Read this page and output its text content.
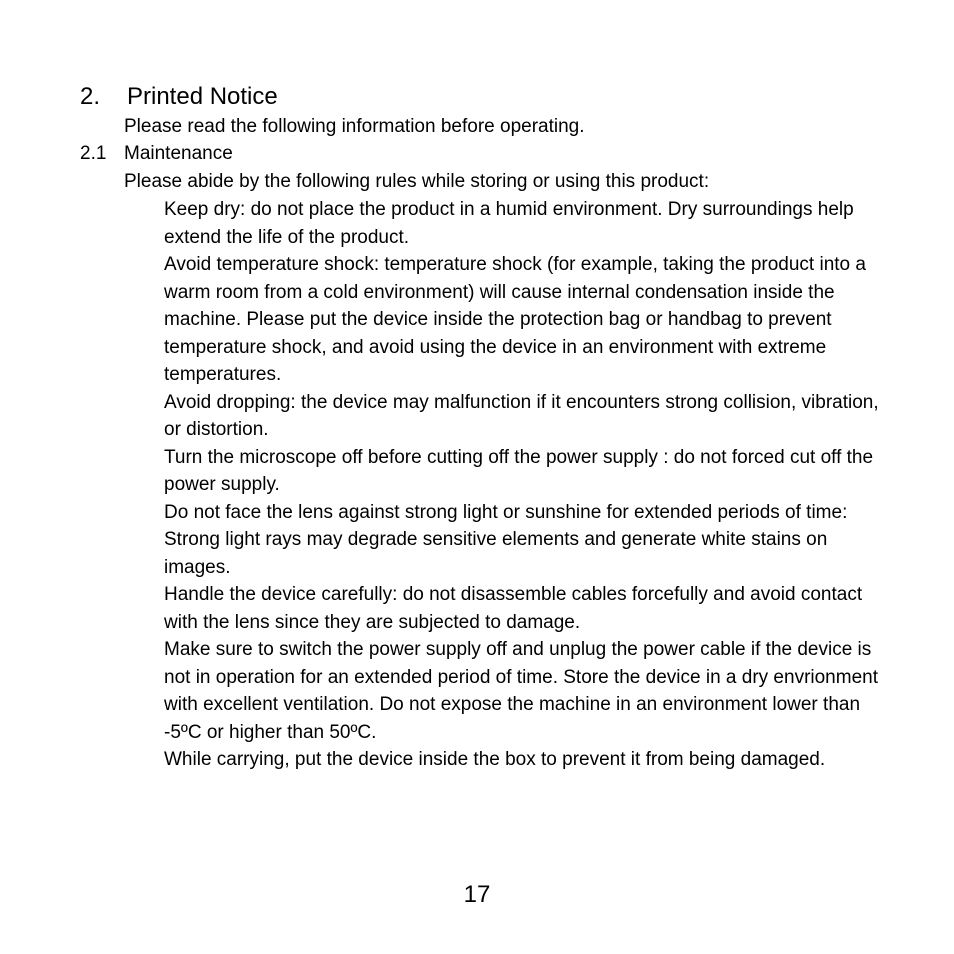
2. Printed Notice
Please read the following information before operating.
2.1 Maintenance
Please abide by the following rules while storing or using this product:

Keep dry: do not place the product in a humid environment. Dry surroundings help extend the life of the product.

Avoid temperature shock: temperature shock (for example, taking the product into a warm room from a cold environment) will cause internal condensation inside the machine. Please put the device inside the protection bag or handbag to prevent temperature shock, and avoid using the device in an environment with extreme temperatures.

Avoid dropping: the device may malfunction if it encounters strong collision, vibration, or distortion.

Turn the microscope off before cutting off the power supply : do not forced cut off the power supply.

Do not face the lens against strong light or sunshine for extended periods of time: Strong light rays may degrade sensitive elements and generate white stains on images.

Handle the device carefully: do not disassemble cables forcefully and avoid contact with the lens since they are subjected to damage.

Make sure to switch the power supply off and unplug the power cable if the device is not in operation for an extended period of time. Store the device in a dry envrionment with excellent ventilation. Do not expose the machine in an environment lower than -5ºC or higher than 50ºC.

While carrying, put the device inside the box to prevent it from being damaged.

17
